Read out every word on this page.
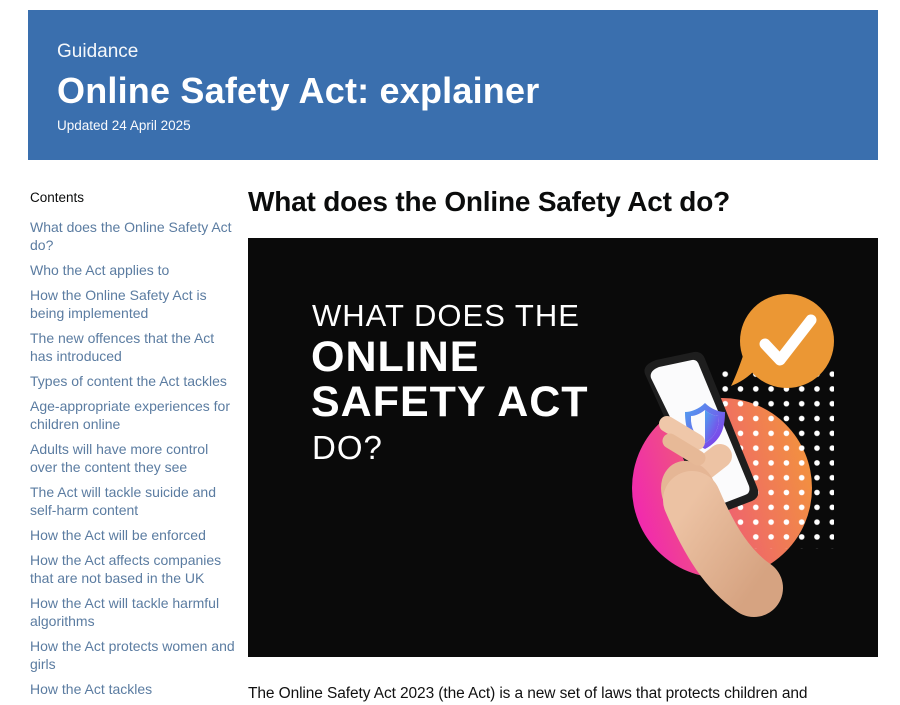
Guidance
Online Safety Act: explainer
Updated 24 April 2025
Contents
What does the Online Safety Act do?
Who the Act applies to
How the Online Safety Act is being implemented
The new offences that the Act has introduced
Types of content the Act tackles
Age-appropriate experiences for children online
Adults will have more control over the content they see
The Act will tackle suicide and self-harm content
How the Act will be enforced
How the Act affects companies that are not based in the UK
How the Act will tackle harmful algorithms
How the Act protects women and girls
How the Act tackles
What does the Online Safety Act do?
WHAT DOES THE
ONLINE
SAFETY ACT
DO?

The Online Safety Act 2023 (the Act) is a new set of laws that protects children and
